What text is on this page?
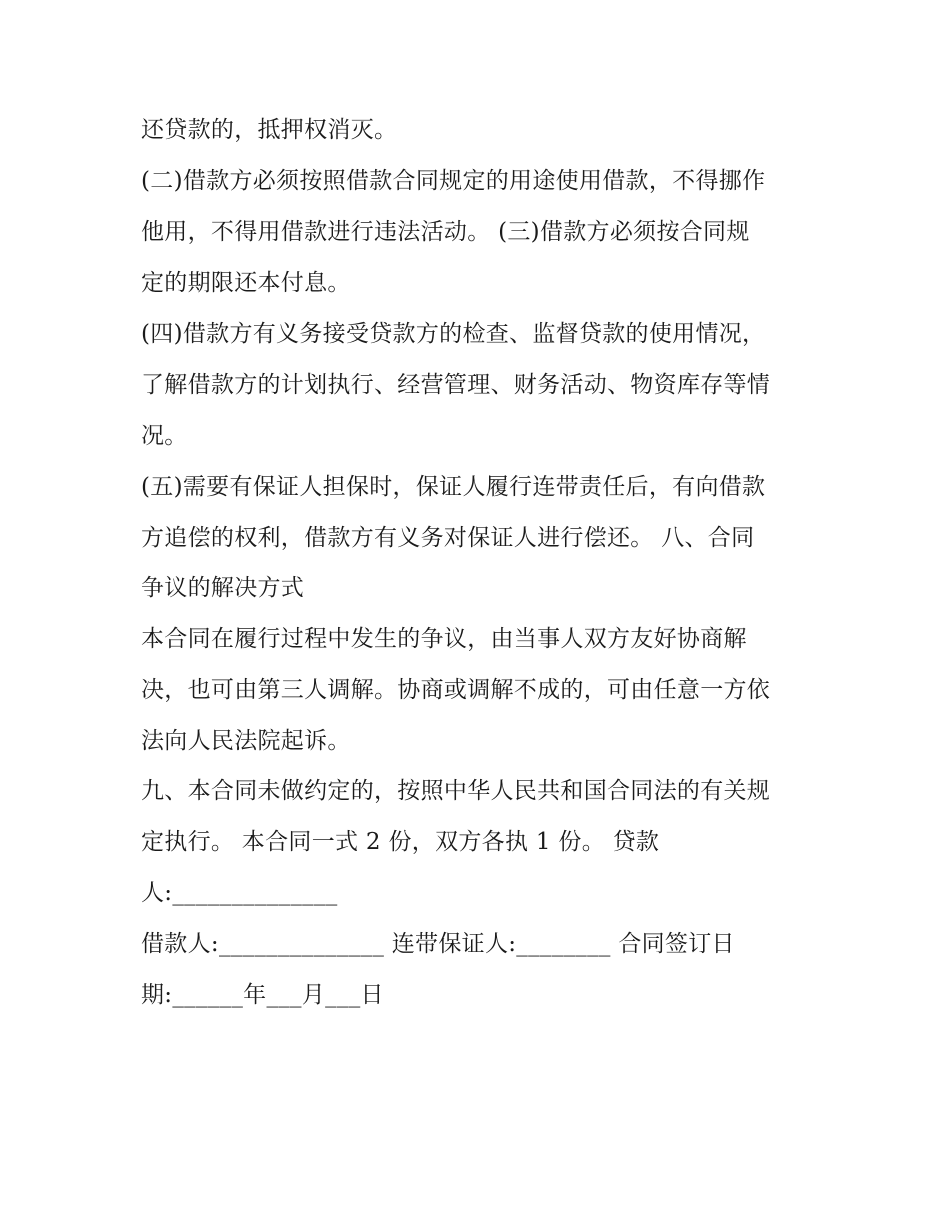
还贷款的，抵押权消灭。
(二)借款方必须按照借款合同规定的用途使用借款，不得挪作
他用，不得用借款进行违法活动。 (三)借款方必须按合同规
定的期限还本付息。
(四)借款方有义务接受贷款方的检查、监督贷款的使用情况，
了解借款方的计划执行、经营管理、财务活动、物资库存等情
况。
(五)需要有保证人担保时，保证人履行连带责任后，有向借款
方追偿的权利，借款方有义务对保证人进行偿还。 八、合同
争议的解决方式
本合同在履行过程中发生的争议，由当事人双方友好协商解
决，也可由第三人调解。协商或调解不成的，可由任意一方依
法向人民法院起诉。
九、本合同未做约定的，按照中华人民共和国合同法的有关规
定执行。 本合同一式 2 份，双方各执 1 份。 贷款
人:______________
借款人:______________ 连带保证人:________ 合同签订日
期:______年___月___日
